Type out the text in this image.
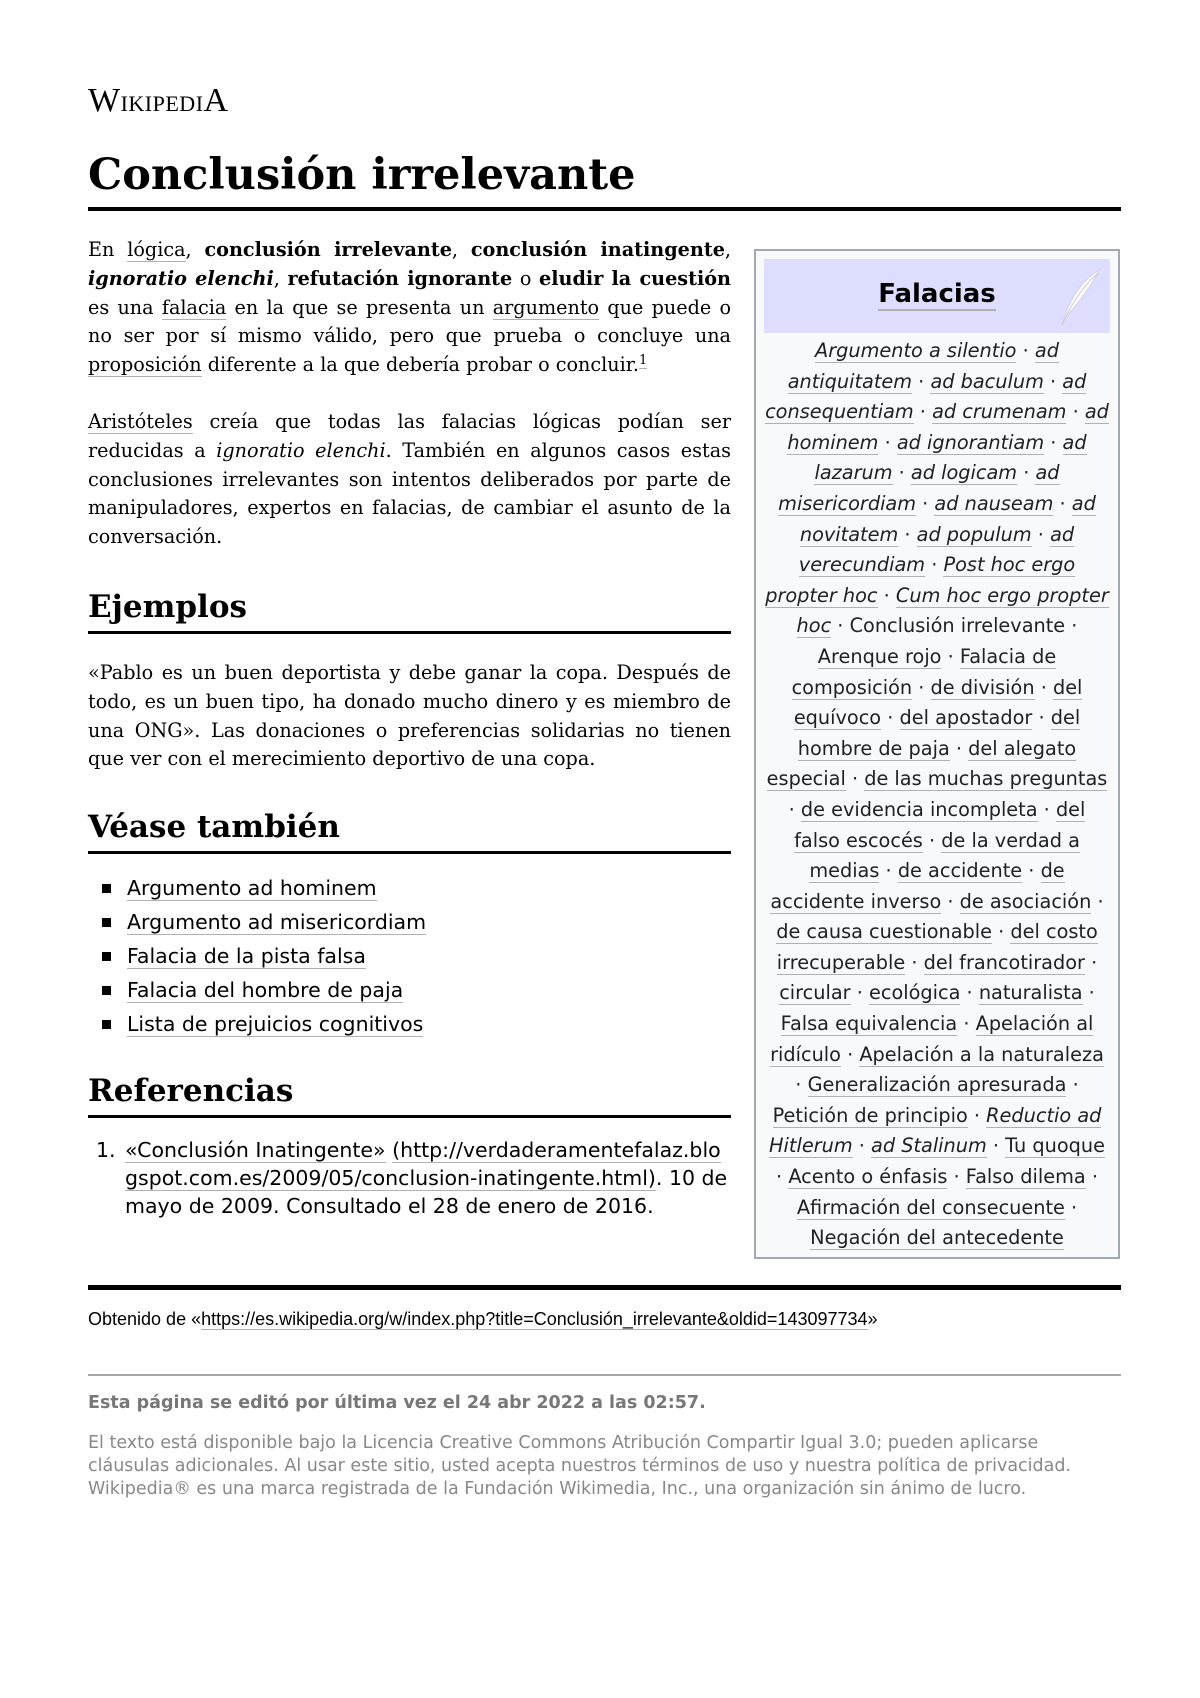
WikipediA
Conclusión irrelevante

En lógica, conclusión irrelevante, conclusión inatingente, ignoratio elenchi, refutación ignorante o eludir la cuestión es una falacia en la que se presenta un argumento que puede o no ser por sí mismo válido, pero que prueba o concluye una proposición diferente a la que debería probar o concluir.$^1$

Aristóteles creía que todas las falacias lógicas podían ser reducidas a ignoratio elenchi. También en algunos casos estas conclusiones irrelevantes son intentos deliberados por parte de manipuladores, expertos en falacias, de cambiar el asunto de la conversación.

Ejemplos

«Pablo es un buen deportista y debe ganar la copa. Después de todo, es un buen tipo, ha donado mucho dinero y es miembro de una ONG». Las donaciones o preferencias solidarias no tienen que ver con el merecimiento deportivo de una copa.

Véase también
Argumento ad hominem
Argumento ad misericordiam
Falacia de la pista falsa
Falacia del hombre de paja
Lista de prejuicios cognitivos
Referencias
1. «Conclusión Inatingente» (http://verdaderamentefalaz.blogspot.com.es/2009/05/conclusion-inatingente.html). 10 de mayo de 2009. Consultado el 28 de enero de 2016.
Falacias
Argumento a silentio · ad antiquitatem · ad baculum · ad consequentiam · ad crumenam · ad hominem · ad ignorantiam · ad lazarum · ad logicam · ad misericordiam · ad nauseam · ad novitatem · ad populum · ad verecundiam · Post hoc ergo propter hoc · Cum hoc ergo propter hoc · Conclusión irrelevante · Arenque rojo · Falacia de composición · de división · del equívoco · del apostador · del hombre de paja · del alegato especial · de las muchas preguntas · de evidencia incompleta · del falso escocés · de la verdad a medias · de accidente · de accidente inverso · de asociación · de causa cuestionable · del costo irrecuperable · del francotirador · circular · ecológica · naturalista · Falsa equivalencia · Apelación al ridículo · Apelación a la naturaleza · Generalización apresurada · Petición de principio · Reductio ad Hitlerum · ad Stalinum · Tu quoque · Acento o énfasis · Falso dilema · Afirmación del consecuente · Negación del antecedente
Obtenido de «https://es.wikipedia.org/w/index.php?title=Conclusión_irrelevante&oldid=143097734»
Esta página se editó por última vez el 24 abr 2022 a las 02:57.
El texto está disponible bajo la Licencia Creative Commons Atribución Compartir Igual 3.0; pueden aplicarse cláusulas adicionales. Al usar este sitio, usted acepta nuestros términos de uso y nuestra política de privacidad. Wikipedia® es una marca registrada de la Fundación Wikimedia, Inc., una organización sin ánimo de lucro.
